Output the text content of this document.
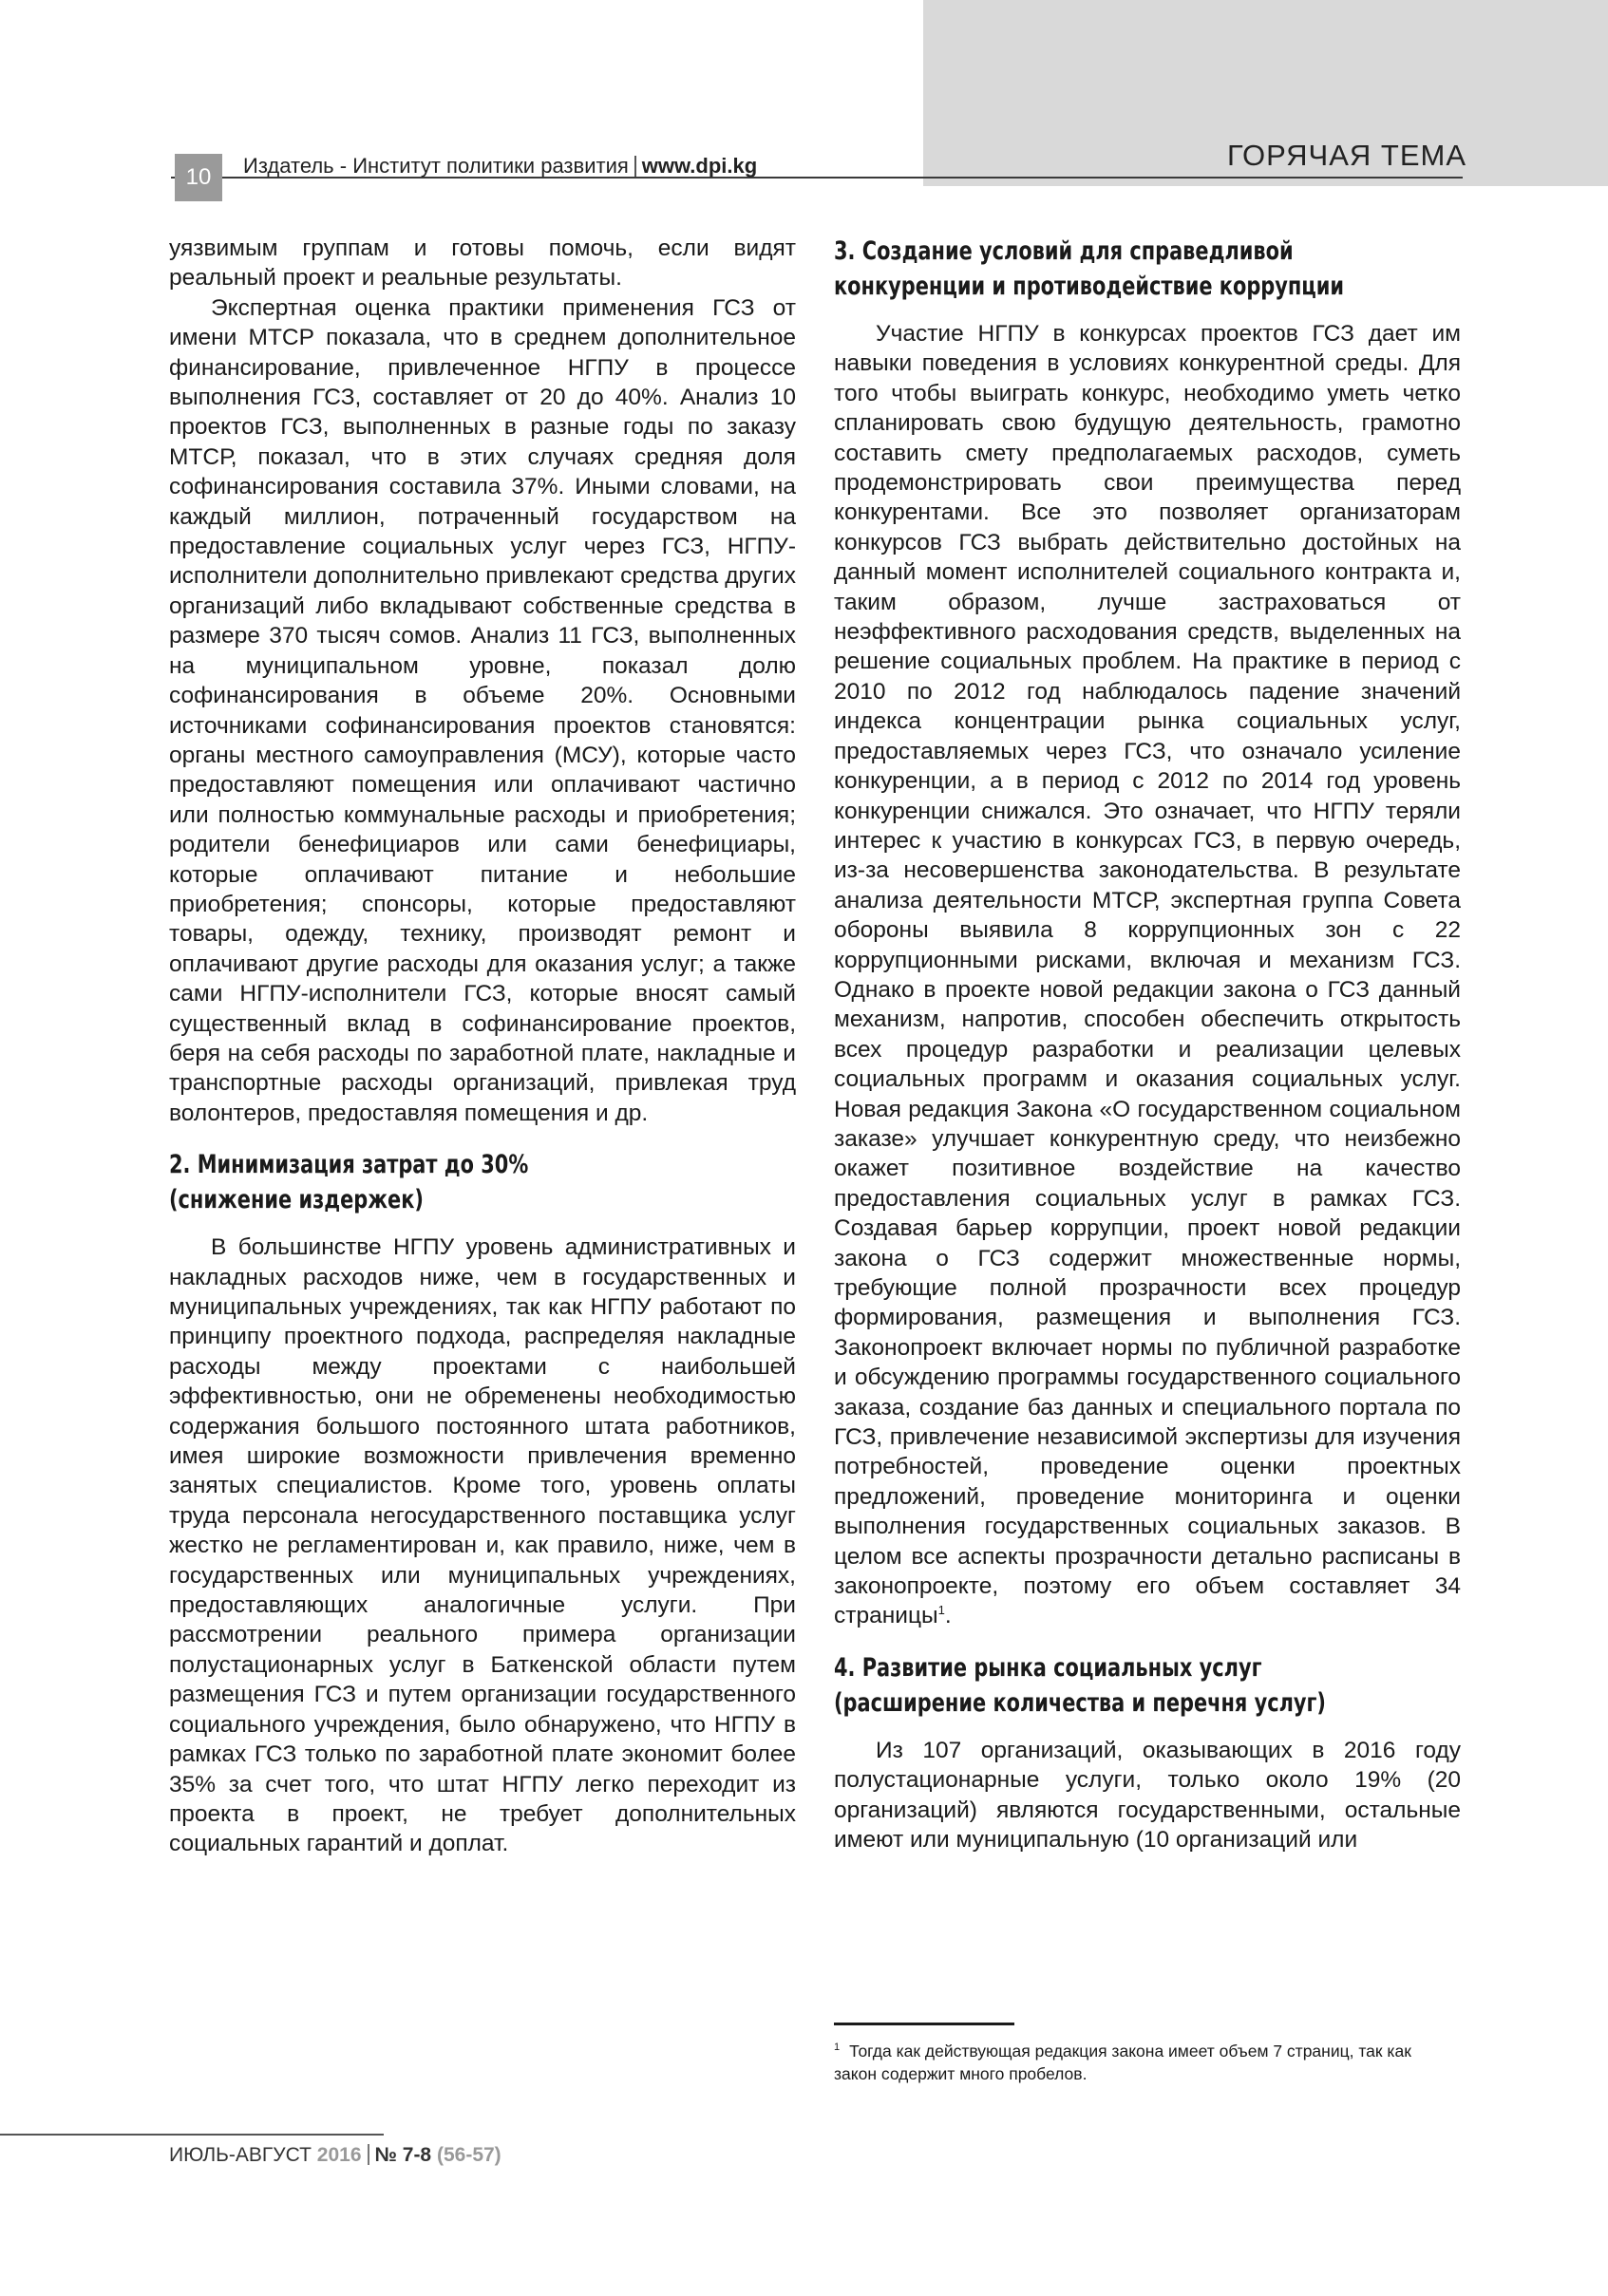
ГОРЯЧАЯ ТЕМА
10	Издатель - Институт политики развития www.dpi.kg

уязвимым группам и готовы помочь, если видят реальный проект и реальные результаты.

Экспертная оценка практики применения ГСЗ от имени МТСР показала, что в среднем дополнительное финансирование, привлеченное НГПУ в процессе выполнения ГСЗ, составляет от 20 до 40%. Анализ 10 проектов ГСЗ, выполненных в разные годы по заказу МТСР, показал, что в этих случаях средняя доля софинансирования составила 37%. Иными словами, на каждый миллион, потраченный государством на предоставление социальных услуг через ГСЗ, НГПУ-исполнители дополнительно привлекают средства других организаций либо вкладывают собственные средства в размере 370 тысяч сомов. Анализ 11 ГСЗ, выполненных на муниципальном уровне, показал долю софинансирования в объеме 20%. Основными источниками софинансирования проектов становятся: органы местного самоуправления (МСУ), которые часто предоставляют помещения или оплачивают частично или полностью коммунальные расходы и приобретения; родители бенефициаров или сами бенефициары, которые оплачивают питание и небольшие приобретения; спонсоры, которые предоставляют товары, одежду, технику, производят ремонт и оплачивают другие расходы для оказания услуг; а также сами НГПУ-исполнители ГСЗ, которые вносят самый существенный вклад в софинансирование проектов, беря на себя расходы по заработной плате, накладные и транспортные расходы организаций, привлекая труд волонтеров, предоставляя помещения и др.

2. Минимизация затрат до 30%
(снижение издержек)

В большинстве НГПУ уровень административных и накладных расходов ниже, чем в государственных и муниципальных учреждениях, так как НГПУ работают по принципу проектного подхода, распределяя накладные расходы между проектами с наибольшей эффективностью, они не обременены необходимостью содержания большого постоянного штата работников, имея широкие возможности привлечения временно занятых специалистов. Кроме того, уровень оплаты труда персонала негосударственного поставщика услуг жестко не регламентирован и, как правило, ниже, чем в государственных или муниципальных учреждениях, предоставляющих аналогичные услуги. При рассмотрении реального примера организации полустационарных услуг в Баткенской области путем размещения ГСЗ и путем организации государственного социального учреждения, было обнаружено, что НГПУ в рамках ГСЗ только по заработной плате экономит более 35% за счет того, что штат НГПУ легко переходит из проекта в проект, не требует дополнительных социальных гарантий и доплат.

3. Создание условий для справедливой
конкуренции и противодействие коррупции

Участие НГПУ в конкурсах проектов ГСЗ дает им навыки поведения в условиях конкурентной среды. Для того чтобы выиграть конкурс, необходимо уметь четко спланировать свою будущую деятельность, грамотно составить смету предполагаемых расходов, суметь продемонстрировать свои преимущества перед конкурентами. Все это позволяет организаторам конкурсов ГСЗ выбрать действительно достойных на данный момент исполнителей социального контракта и, таким образом, лучше застраховаться от неэффективного расходования средств, выделенных на решение социальных проблем. На практике в период с 2010 по 2012 год наблюдалось падение значений индекса концентрации рынка социальных услуг, предоставляемых через ГСЗ, что означало усиление конкуренции, а в период с 2012 по 2014 год уровень конкуренции снижался. Это означает, что НГПУ теряли интерес к участию в конкурсах ГСЗ, в первую очередь, из-за несовершенства законодательства. В результате анализа деятельности МТСР, экспертная группа Совета обороны выявила 8 коррупционных зон с 22 коррупционными рисками, включая и механизм ГСЗ. Однако в проекте новой редакции закона о ГСЗ данный механизм, напротив, способен обеспечить открытость всех процедур разработки и реализации целевых социальных программ и оказания социальных услуг. Новая редакция Закона «О государственном социальном заказе» улучшает конкурентную среду, что неизбежно окажет позитивное воздействие на качество предоставления социальных услуг в рамках ГСЗ. Создавая барьер коррупции, проект новой редакции закона о ГСЗ содержит множественные нормы, требующие полной прозрачности всех процедур формирования, размещения и выполнения ГСЗ. Законопроект включает нормы по публичной разработке и обсуждению программы государственного социального заказа, создание баз данных и специального портала по ГСЗ, привлечение независимой экспертизы для изучения потребностей, проведение оценки проектных предложений, проведение мониторинга и оценки выполнения государственных социальных заказов. В целом все аспекты прозрачности детально расписаны в законопроекте, поэтому его объем составляет 34 страницы$^1$.

4. Развитие рынка социальных услуг
(расширение количества и перечня услуг)

Из 107 организаций, оказывающих в 2016 году полустационарные услуги, только около 19% (20 организаций) являются государственными, остальные имеют или муниципальную (10 организаций или

$^1$ Тогда как действующая редакция закона имеет объем 7 страниц, так как закон содержит много пробелов.
ИЮЛЬ-АВГУСТ 2016 № 7-8 (56-57)
